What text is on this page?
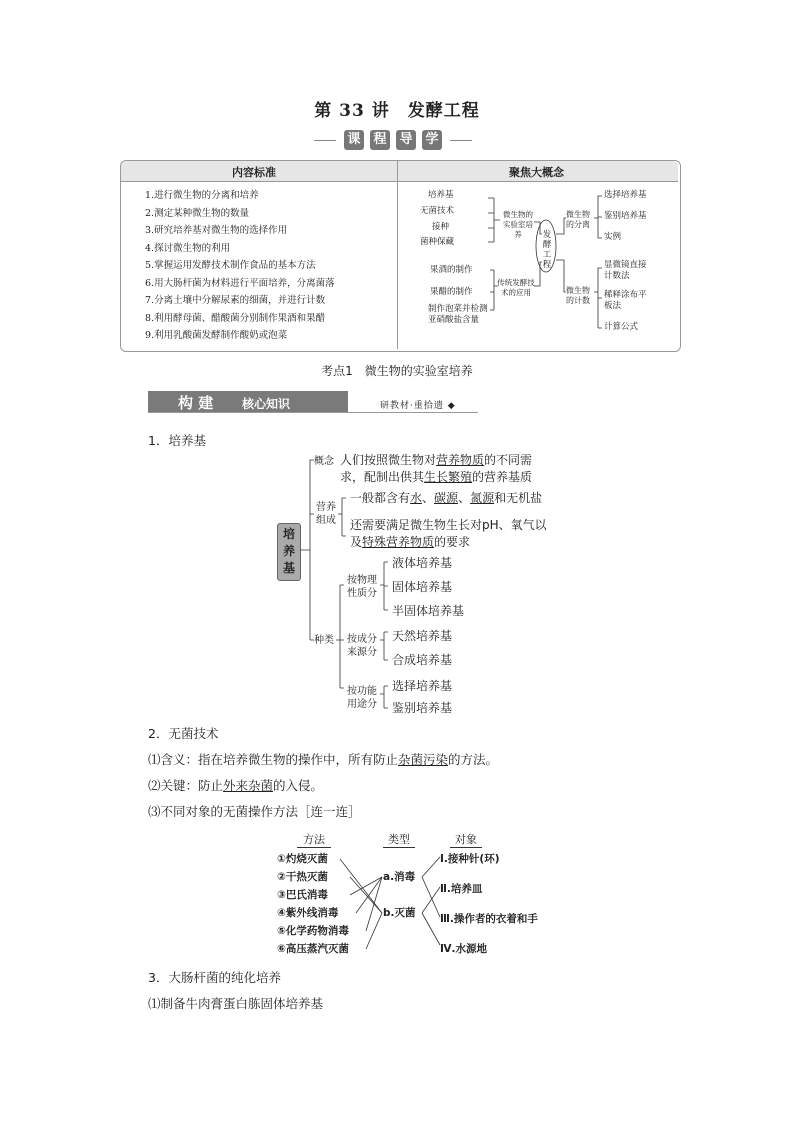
第 33 讲　发酵工程
课 程 导 学
内容标准	聚焦大概念
1.进行微生物的分离和培养
2.测定某种微生物的数量
3.研究培养基对微生物的选择作用
4.探讨微生物的利用
5.掌握运用发酵技术制作食品的基本方法
6.用大肠杆菌为材料进行平面培养，分离菌落
7.分离土壤中分解尿素的细菌，并进行计数
8.利用酵母菌、醋酸菌分别制作果酒和果醋
9.利用乳酸菌发酵制作酸奶或泡菜
培养基
无菌技术
接种
菌种保藏
微生物的实验室培养
果酒的制作
果醋的制作
制作泡菜并检测亚硝酸盐含量
传统发酵技术的应用
发酵工程
微生物的分离
选择培养基
鉴别培养基
实例
微生物的计数
显微镜直接计数法
稀释涂布平板法
计算公式
考点1　微生物的实验室培养
构 建 核心知识	研教材·重拾遗 ◆
1．培养基
培养基
概念 人们按照微生物对营养物质的不同需
求，配制出供其生长繁殖的营养基质
营养组成
一般都含有水、碳源、氮源和无机盐
还需要满足微生物生长对pH、氧气以
及特殊营养物质的要求
种类
按物理性质分
液体培养基
固体培养基
半固体培养基
按成分来源分
天然培养基
合成培养基
按功能用途分
选择培养基
鉴别培养基
2．无菌技术
⑴含义：指在培养微生物的操作中，所有防止杂菌污染的方法。
⑵关键：防止外来杂菌的入侵。
⑶不同对象的无菌操作方法［连一连］
方法	类型	对象
①灼烧灭菌
②干热灭菌
③巴氏消毒
④紫外线消毒
⑤化学药物消毒
⑥高压蒸汽灭菌
a.消毒
b.灭菌
Ⅰ.接种针(环)
Ⅱ.培养皿
Ⅲ.操作者的衣着和手
Ⅳ.水源地
3．大肠杆菌的纯化培养
⑴制备牛肉膏蛋白胨固体培养基
